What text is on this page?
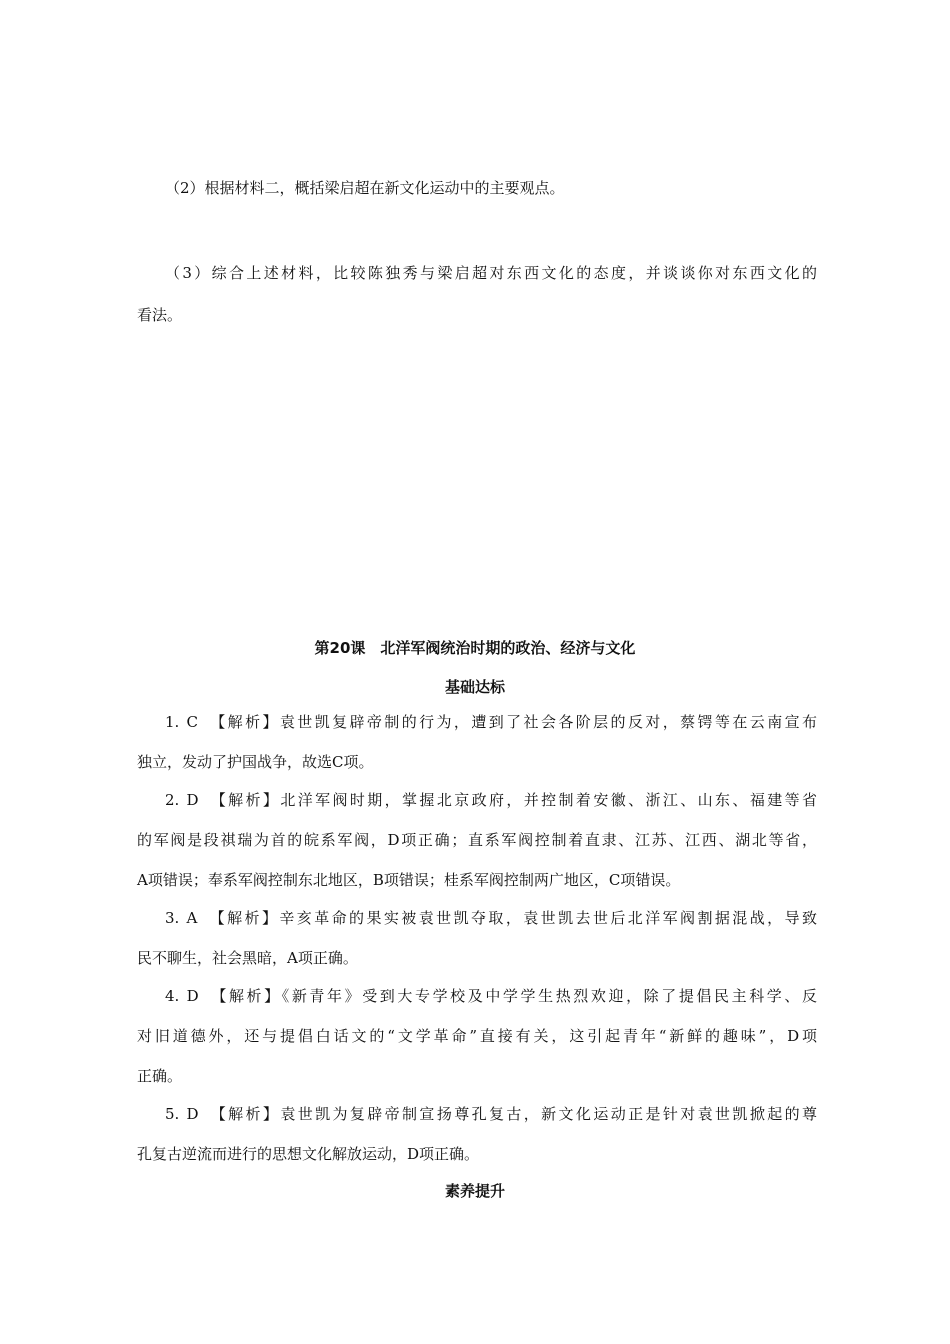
（2）根据材料二，概括梁启超在新文化运动中的主要观点。
（3）综合上述材料，比较陈独秀与梁启超对东西文化的态度，并谈谈你对东西文化的
看法。
第20课　北洋军阀统治时期的政治、经济与文化
基础达标
1. C　【解析】袁世凯复辟帝制的行为，遭到了社会各阶层的反对，蔡锷等在云南宣布
独立，发动了护国战争，故选C项。
2. D　【解析】北洋军阀时期，掌握北京政府，并控制着安徽、浙江、山东、福建等省
的军阀是段祺瑞为首的皖系军阀，D项正确；直系军阀控制着直隶、江苏、江西、湖北等省，
A项错误；奉系军阀控制东北地区，B项错误；桂系军阀控制两广地区，C项错误。
3. A　【解析】辛亥革命的果实被袁世凯夺取，袁世凯去世后北洋军阀割据混战，导致
民不聊生，社会黑暗，A项正确。
4. D　【解析】《新青年》受到大专学校及中学学生热烈欢迎，除了提倡民主科学、反
对旧道德外，还与提倡白话文的“文学革命”直接有关，这引起青年“新鲜的趣味”，D项
正确。
5. D　【解析】袁世凯为复辟帝制宣扬尊孔复古，新文化运动正是针对袁世凯掀起的尊
孔复古逆流而进行的思想文化解放运动，D项正确。
素养提升
